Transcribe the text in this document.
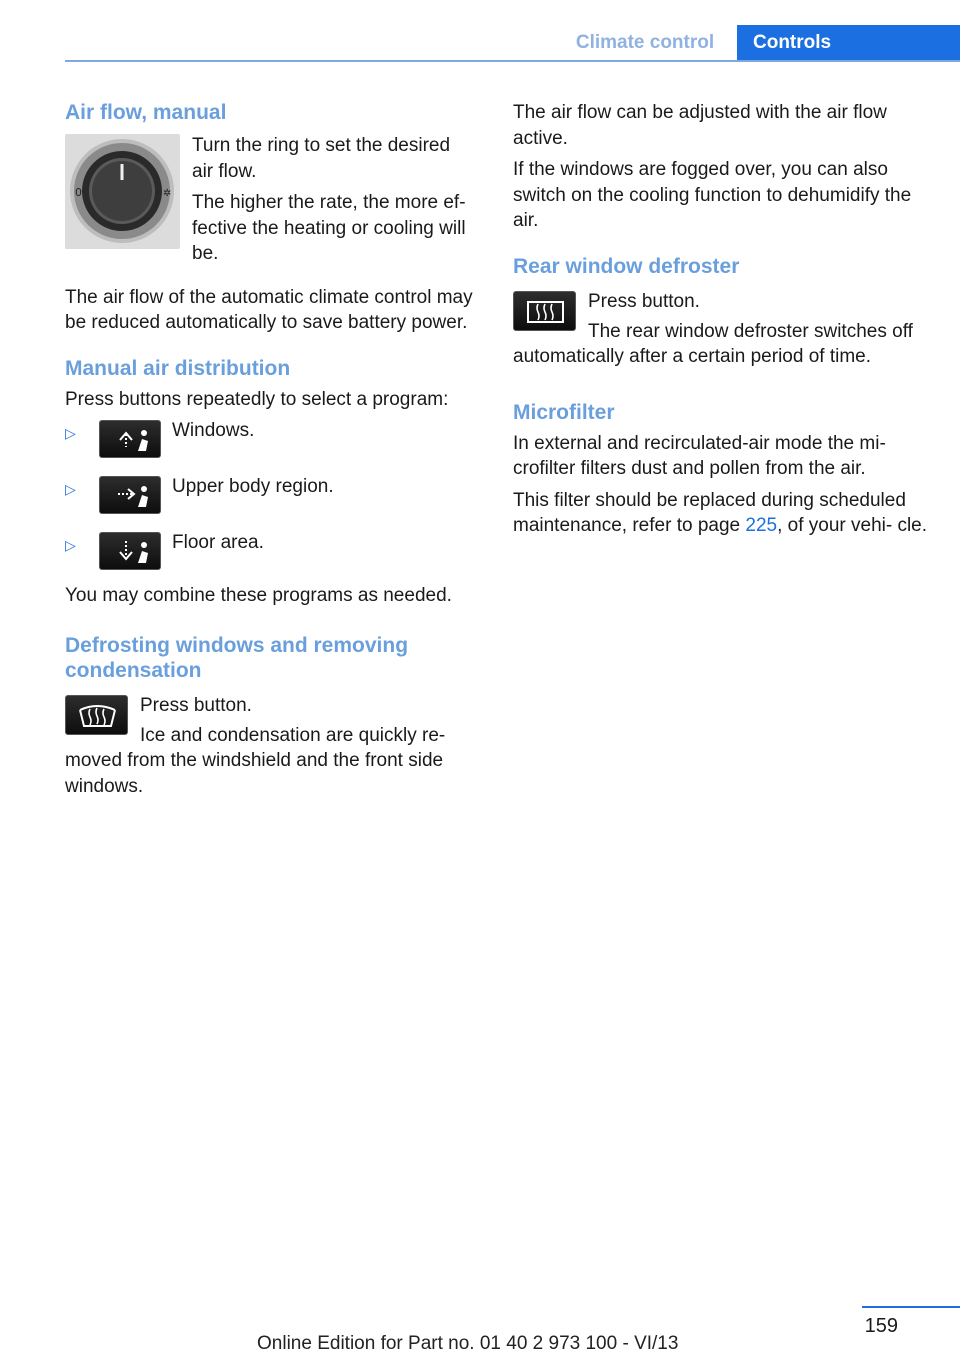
Climate control	Controls
Air flow, manual
0	✲

Turn the ring to set the desired air flow.

The higher the rate, the more ef‐ fective the heating or cooling will be.

The air flow of the automatic climate control may be reduced automatically to save battery power.

Manual air distribution

Press buttons repeatedly to select a program:

▷	Windows.
▷	Upper body region.
▷	Floor area.

You may combine these programs as needed.

Defrosting windows and removing condensation

Press button.

Ice and condensation are quickly re‐ moved from the windshield and the front side windows.

The air flow can be adjusted with the air flow active.

If the windows are fogged over, you can also switch on the cooling function to dehumidify the air.

Rear window defroster

Press button.

The rear window defroster switches off automatically after a certain period of time.

Microfilter

In external and recirculated-air mode the mi‐ crofilter filters dust and pollen from the air.

This filter should be replaced during scheduled maintenance, refer to page 225, of your vehi‐ cle.

159
Online Edition for Part no. 01 40 2 973 100 - VI/13
